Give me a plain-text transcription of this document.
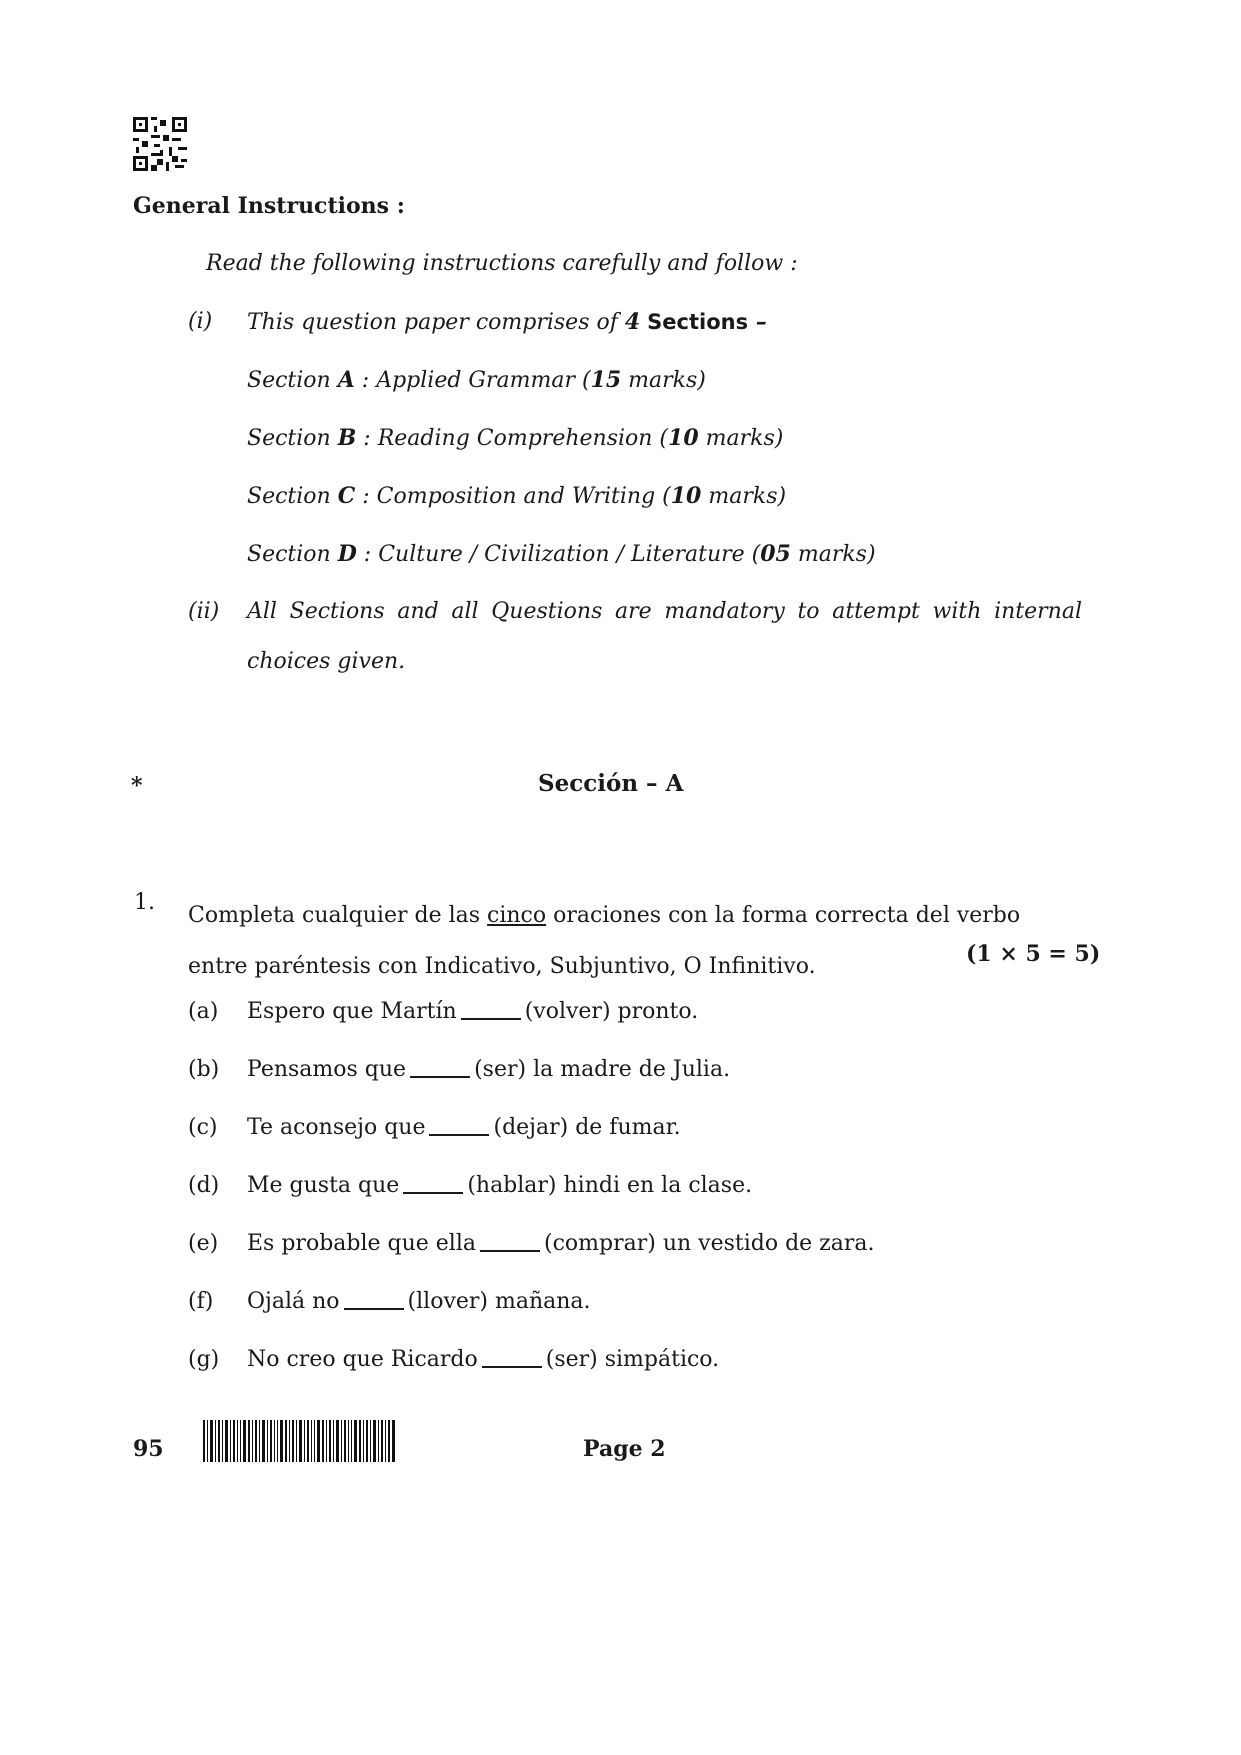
General Instructions :
Read the following instructions carefully and follow :
(i) This question paper comprises of 4 Sections –
Section A : Applied Grammar (15 marks)
Section B : Reading Comprehension (10 marks)
Section C : Composition and Writing (10 marks)
Section D : Culture / Civilization / Literature (05 marks)
(ii) All Sections and all Questions are mandatory to attempt with internal
choices given.
*	Sección – A
1.
Completa cualquier de las cinco oraciones con la forma correcta del verbo
entre paréntesis con Indicativo, Subjuntivo, O Infinitivo.	(1 × 5 = 5)
(a) Espero que Martín	(volver) pronto.
(b) Pensamos que	(ser) la madre de Julia.
(c) Te aconsejo que	(dejar) de fumar.
(d) Me gusta que	(hablar) hindi en la clase.
(e) Es probable que ella	(comprar) un vestido de zara.
(f) Ojalá no	(llover) mañana.
(g) No creo que Ricardo	(ser) simpático.
95	Page 2
